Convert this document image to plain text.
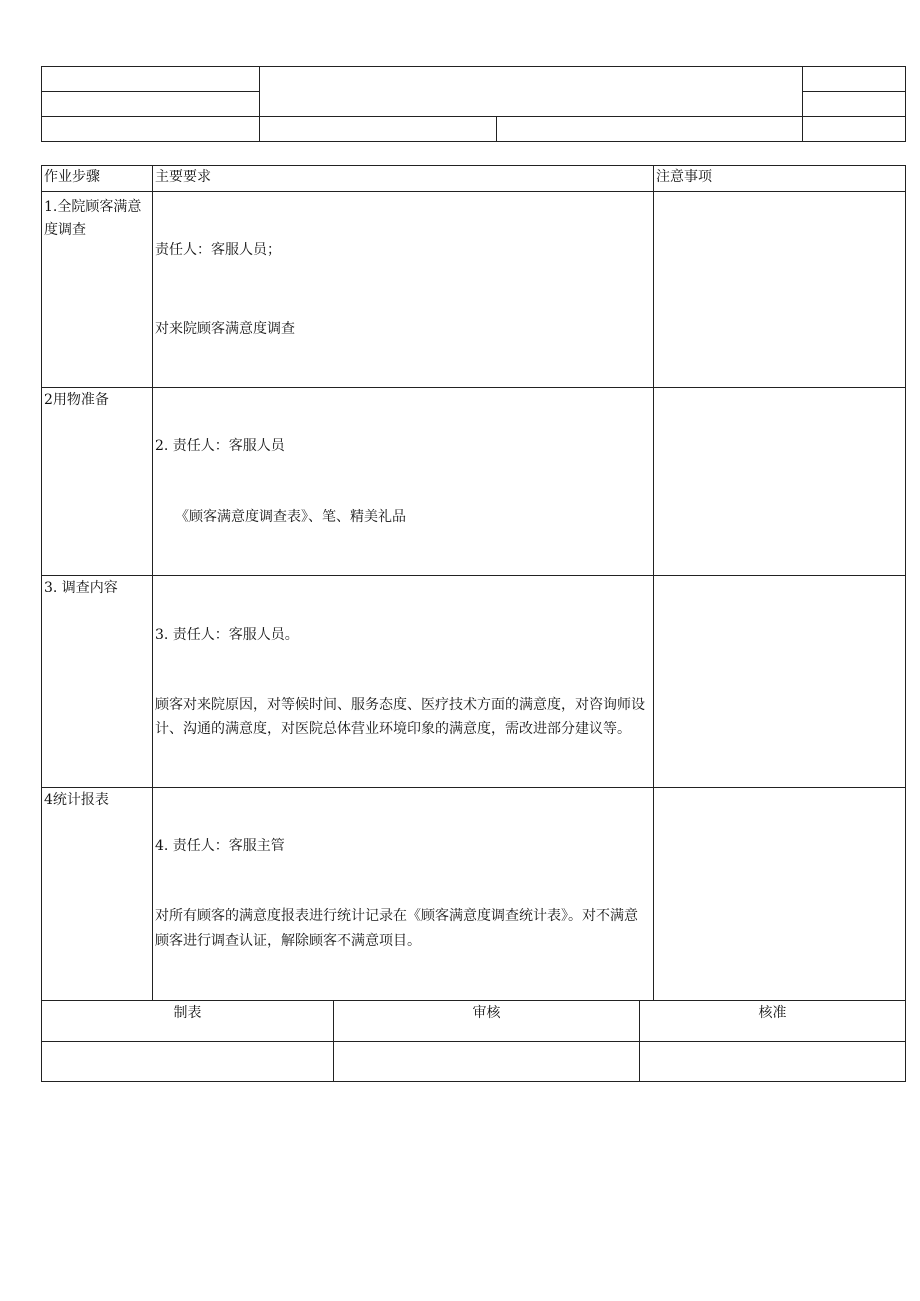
作业步骤	主要要求			注意事项

1.全院顾客满意度调查	责任人：客服人员；

对来院顾客满意度调查			

2用物准备	2. 责任人：客服人员

《顾客满意度调查表》、笔、精美礼品			

3. 调查内容	3. 责任人：客服人员。

顾客对来院原因，对等候时间、服务态度、医疗技术方面的满意度，对咨询师设计、沟通的满意度，对医院总体营业环境印象的满意度，需改进部分建议等。			

4统计报表	4. 责任人：客服主管

对所有顾客的满意度报表进行统计记录在《顾客满意度调查统计表》。对不满意顾客进行调查认证，解除顾客不满意项目。			

制表		审核	核准	
